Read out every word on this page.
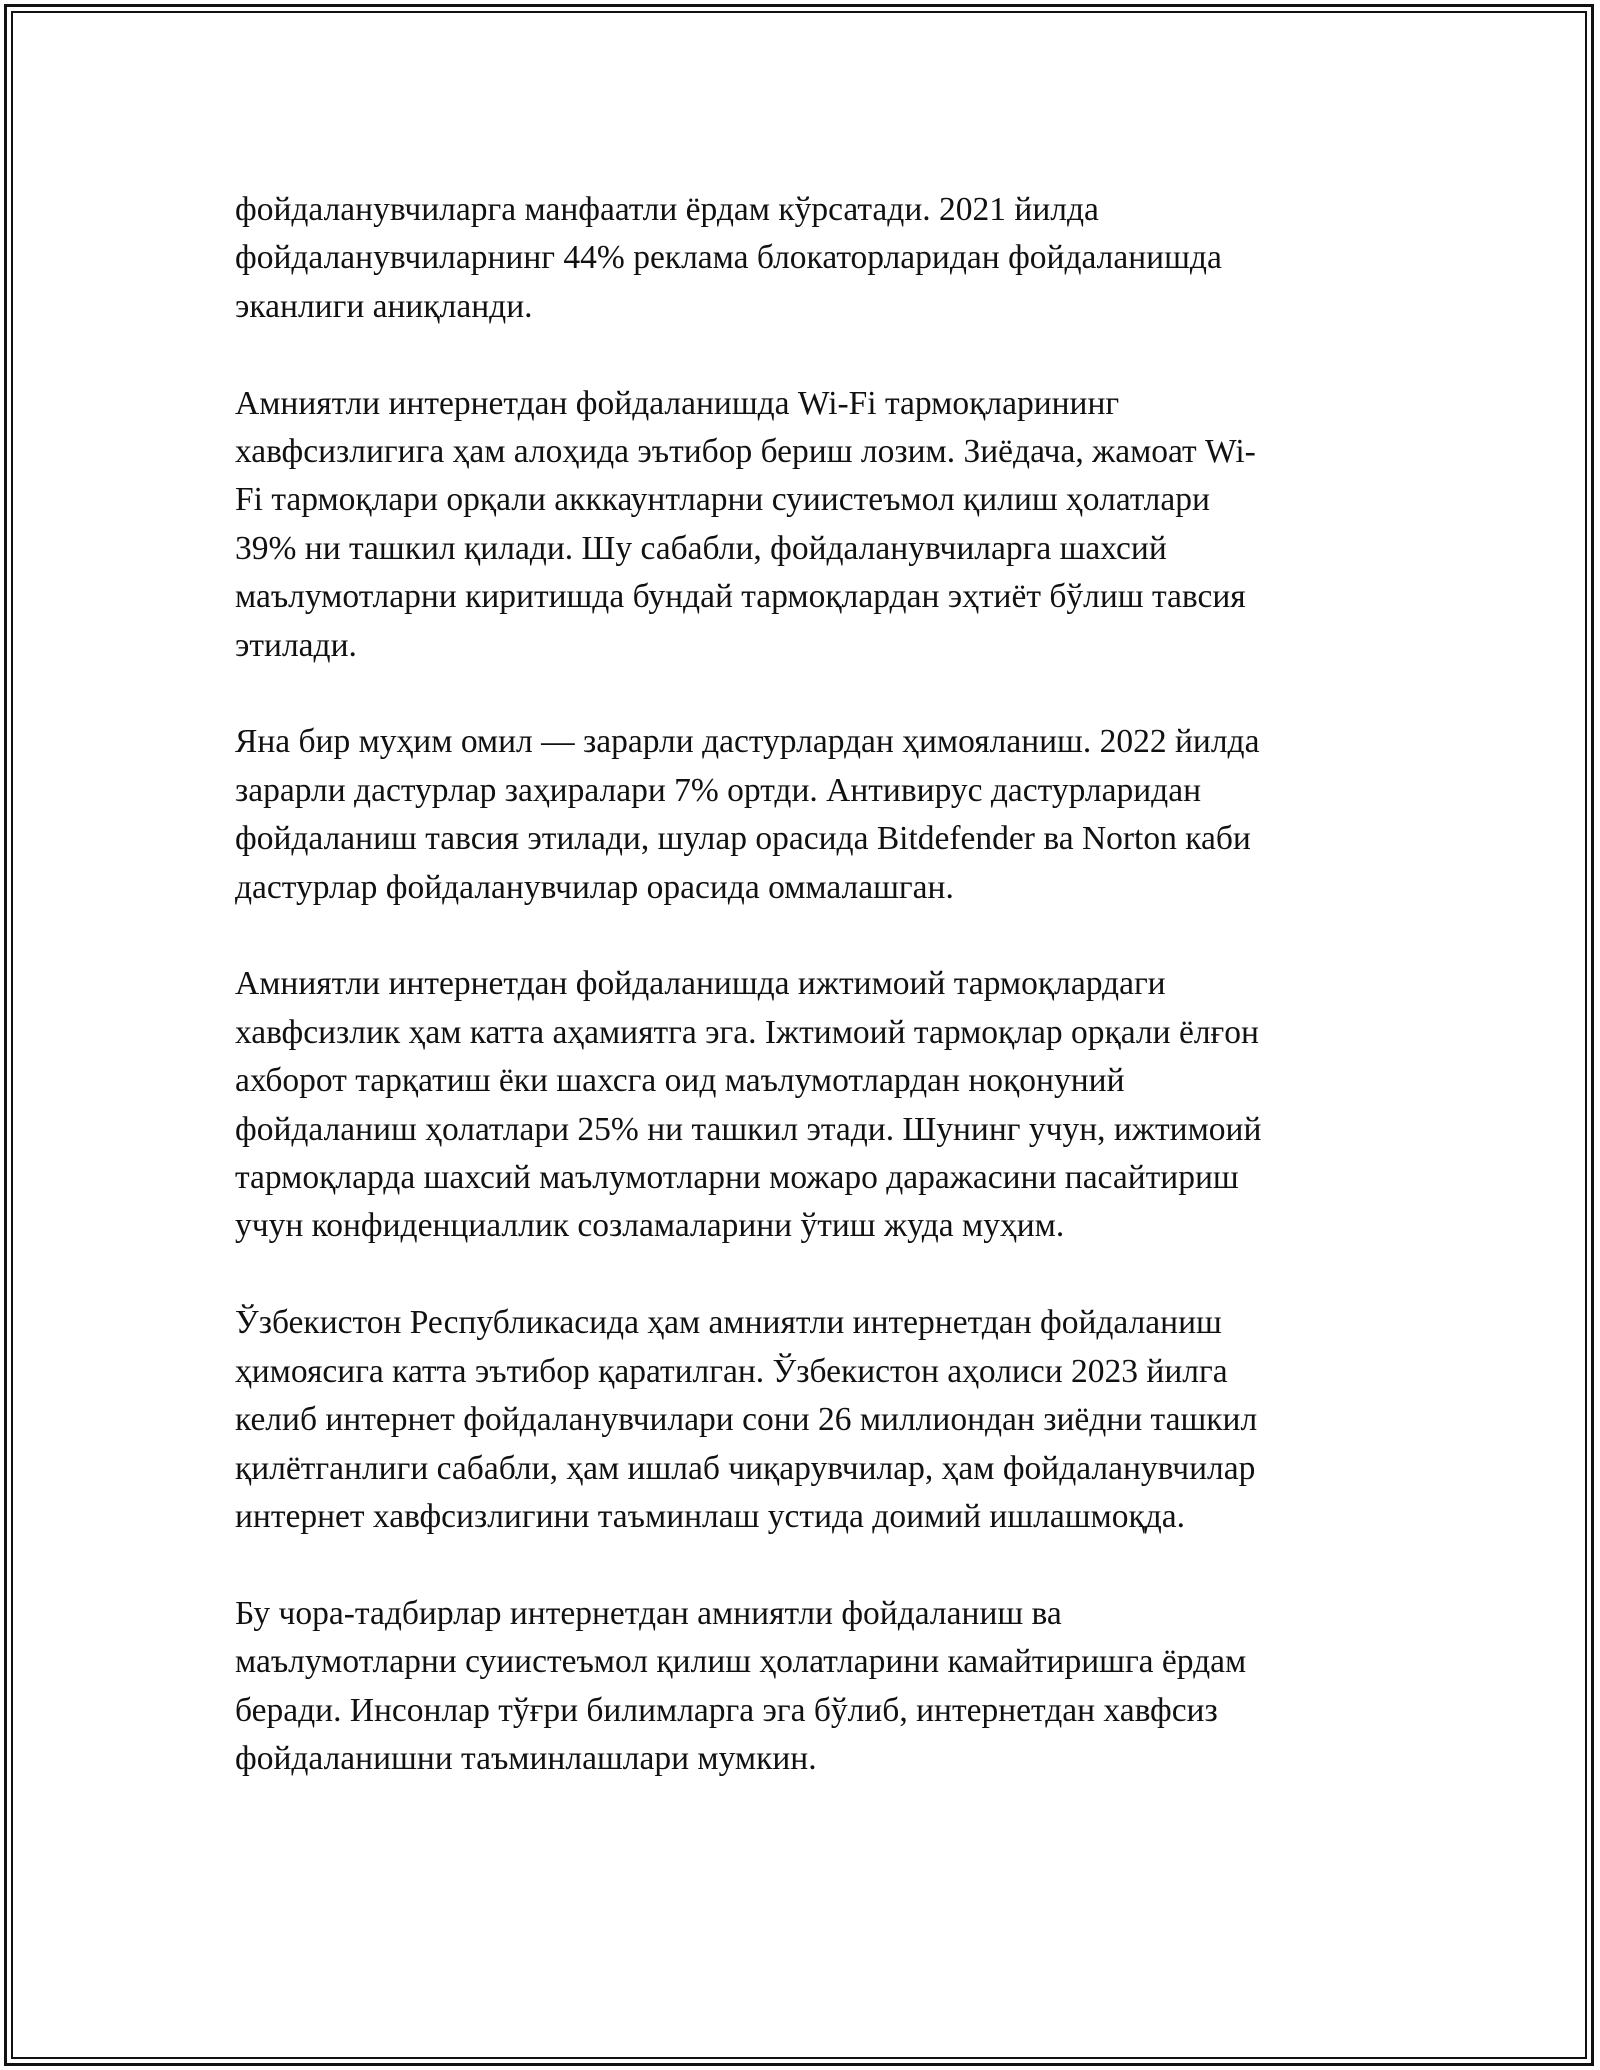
фойдаланувчиларга манфаатли ёрдам кўрсатади. 2021 йилда
фойдаланувчиларнинг 44% реклама блокаторларидан фойдаланишда
эканлиги аниқланди.

Амниятли интернетдан фойдаланишда Wi-Fi тармоқларининг
хавфсизлигига ҳам алоҳида эътибор бериш лозим. Зиёдача, жамоат Wi-
Fi тармоқлари орқали акккаунтларни суиистеъмол қилиш ҳолатлари
39% ни ташкил қилади. Шу сабабли, фойдаланувчиларга шахсий
маълумотларни киритишда бундай тармоқлардан эҳтиёт бўлиш тавсия
этилади.

Яна бир муҳим омил — зарарли дастурлардан ҳимояланиш. 2022 йилда
зарарли дастурлар заҳиралари 7% ортди. Антивирус дастурларидан
фойдаланиш тавсия этилади, шулар орасида Bitdefender ва Norton каби
дастурлар фойдаланувчилар орасида оммалашган.

Амниятли интернетдан фойдаланишда ижтимоий тармоқлардаги
хавфсизлик ҳам катта аҳамиятга эга. Іжтимоий тармоқлар орқали ёлғон
ахборот тарқатиш ёки шахсга оид маълумотлардан ноқонуний
фойдаланиш ҳолатлари 25% ни ташкил этади. Шунинг учун, ижтимоий
тармоқларда шахсий маълумотларни можаро даражасини пасайтириш
учун конфиденциаллик созламаларини ўтиш жуда муҳим.

Ўзбекистон Республикасида ҳам амниятли интернетдан фойдаланиш
ҳимоясига катта эътибор қаратилган. Ўзбекистон аҳолиси 2023 йилга
келиб интернет фойдаланувчилари сони 26 миллиондан зиёдни ташкил
қилётганлиги сабабли, ҳам ишлаб чиқарувчилар, ҳам фойдаланувчилар
интернет хавфсизлигини таъминлаш устида доимий ишлашмоқда.

Бу чора-тадбирлар интернетдан амниятли фойдаланиш ва
маълумотларни суиистеъмол қилиш ҳолатларини камайтиришга ёрдам
беради. Инсонлар тўғри билимларга эга бўлиб, интернетдан хавфсиз
фойдаланишни таъминлашлари мумкин.
